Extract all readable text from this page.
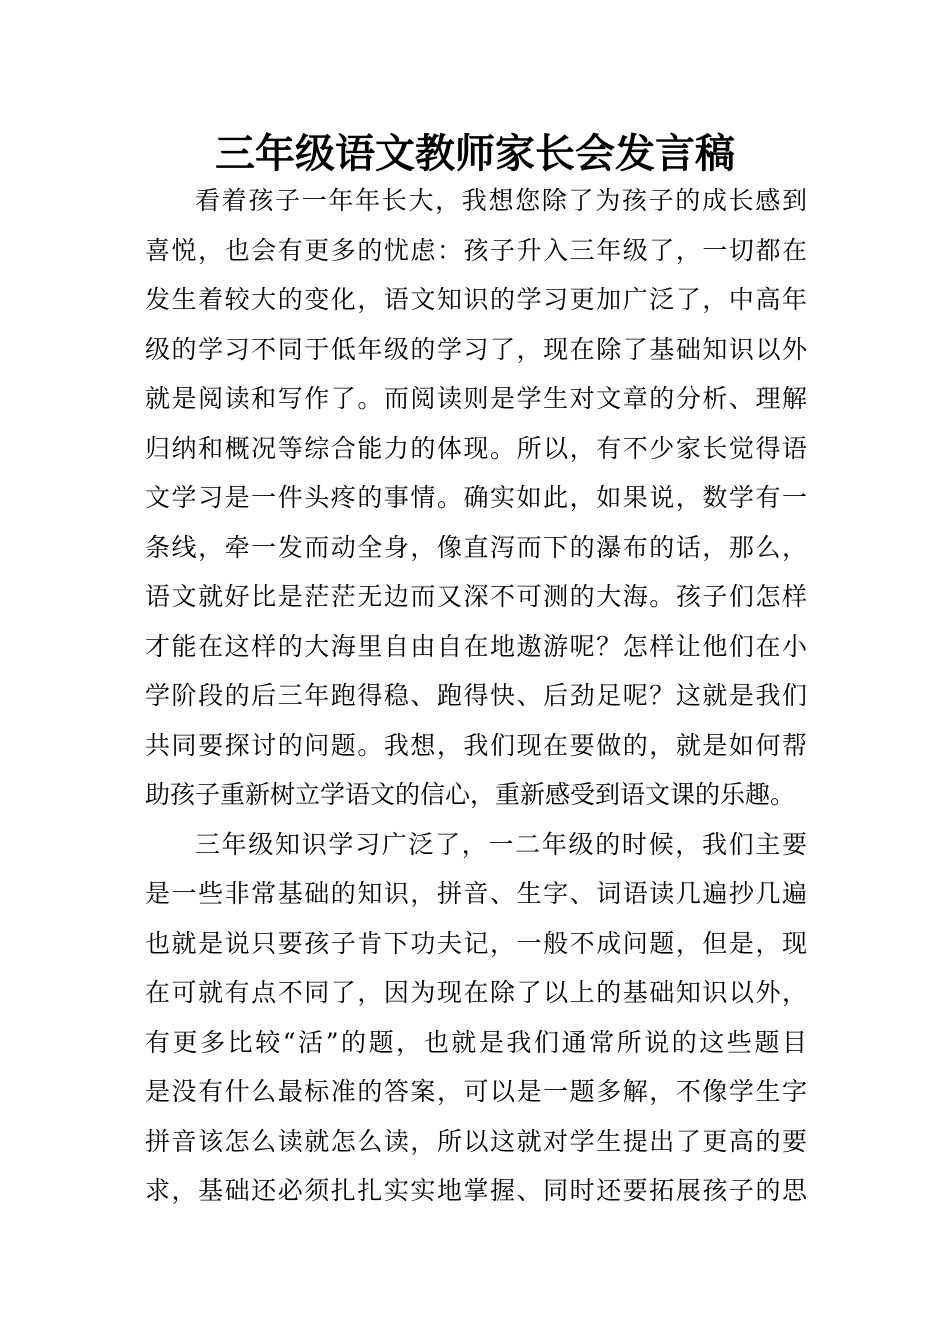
三年级语文教师家长会发言稿
看着孩子一年年长大，我想您除了为孩子的成长感到
喜悦，也会有更多的忧虑：孩子升入三年级了，一切都在
发生着较大的变化，语文知识的学习更加广泛了，中高年
级的学习不同于低年级的学习了，现在除了基础知识以外
就是阅读和写作了。而阅读则是学生对文章的分析、理解
归纳和概况等综合能力的体现。所以，有不少家长觉得语
文学习是一件头疼的事情。确实如此，如果说，数学有一
条线，牵一发而动全身，像直泻而下的瀑布的话，那么，
语文就好比是茫茫无边而又深不可测的大海。孩子们怎样
才能在这样的大海里自由自在地遨游呢？怎样让他们在小
学阶段的后三年跑得稳、跑得快、后劲足呢？这就是我们
共同要探讨的问题。我想，我们现在要做的，就是如何帮
助孩子重新树立学语文的信心，重新感受到语文课的乐趣。
三年级知识学习广泛了，一二年级的时候，我们主要
是一些非常基础的知识，拼音、生字、词语读几遍抄几遍
也就是说只要孩子肯下功夫记，一般不成问题，但是，现
在可就有点不同了，因为现在除了以上的基础知识以外，
有更多比较“活”的题，也就是我们通常所说的这些题目
是没有什么最标准的答案，可以是一题多解，不像学生字
拼音该怎么读就怎么读，所以这就对学生提出了更高的要
求，基础还必须扎扎实实地掌握、同时还要拓展孩子的思
